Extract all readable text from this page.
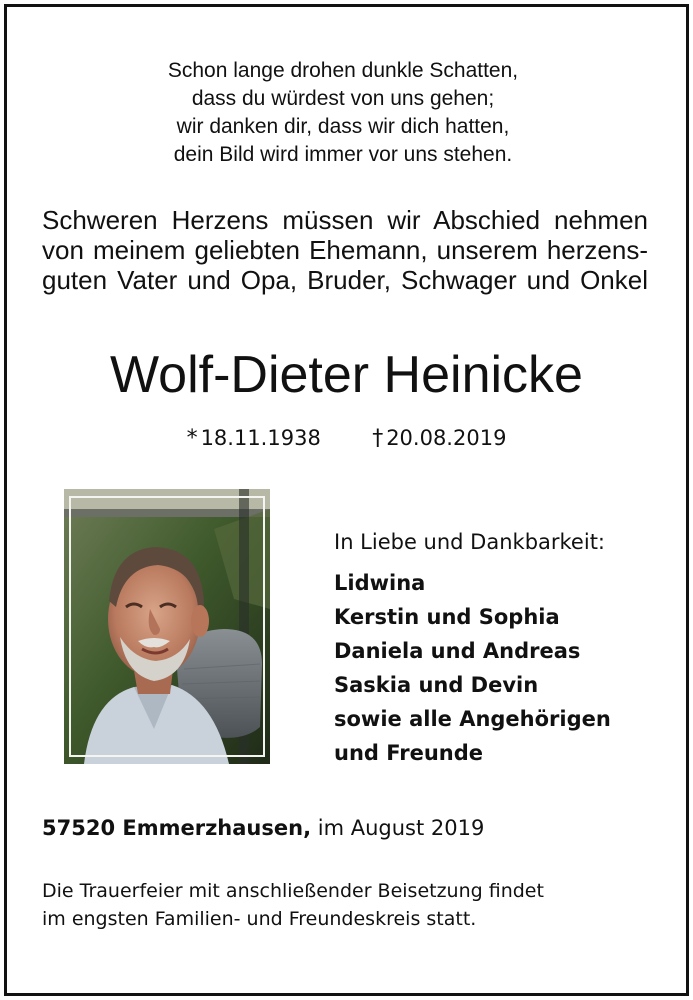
Schon lange drohen dunkle Schatten,
dass du würdest von uns gehen;
wir danken dir, dass wir dich hatten,
dein Bild wird immer vor uns stehen.
Schweren Herzens müssen wir Abschied nehmen
von meinem geliebten Ehemann, unserem herzens-
guten Vater und Opa, Bruder, Schwager und Onkel
Wolf-Dieter Heinicke
* 18.11.1938 † 20.08.2019
In Liebe und Dankbarkeit:
Lidwina
Kerstin und Sophia
Daniela und Andreas
Saskia und Devin
sowie alle Angehörigen
und Freunde
57520 Emmerzhausen, im August 2019
Die Trauerfeier mit anschließender Beisetzung findet
im engsten Familien- und Freundeskreis statt.
